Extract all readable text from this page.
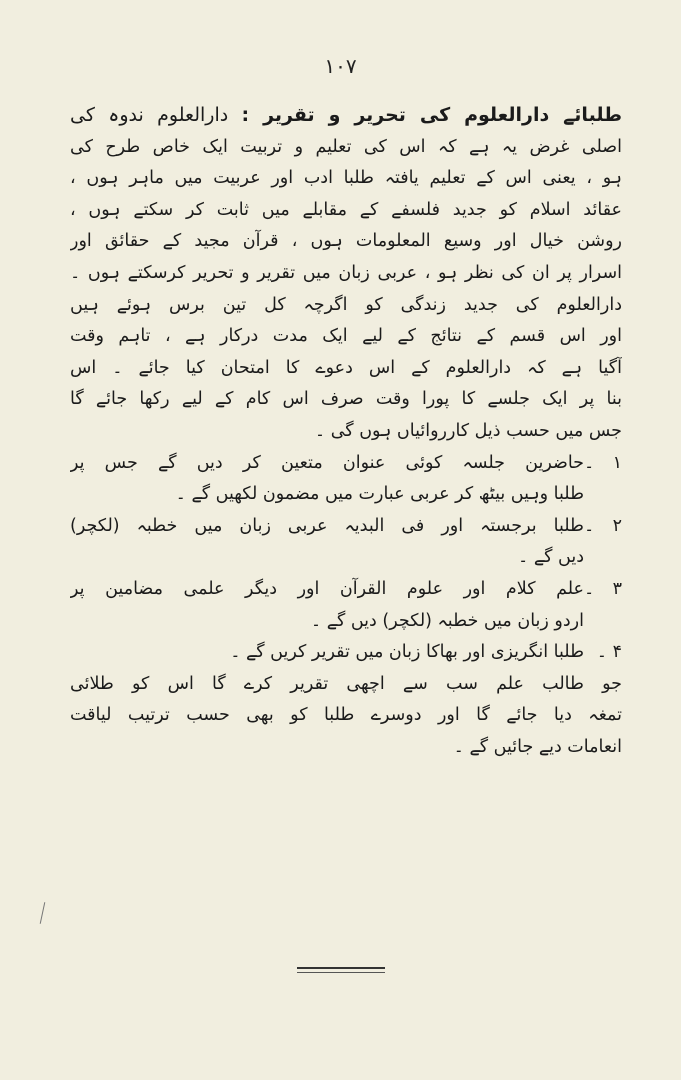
۱۰۷
طلبائے دارالعلوم کی تحریر و تقریر : دارالعلوم ندوہ کی
اصلی غرض یہ ہے کہ اس کی تعلیم و تربیت ایک خاص طرح کی
ہو ، یعنی اس کے تعلیم یافتہ طلبا ادب اور عربیت میں ماہر ہوں ،
عقائد اسلام کو جدید فلسفے کے مقابلے میں ثابت کر سکتے ہوں ،
روشن خیال اور وسیع المعلومات ہوں ، قرآن مجید کے حقائق اور
اسرار پر ان کی نظر ہو ، عربی زبان میں تقریر و تحریر کرسکتے ہوں ۔
دارالعلوم کی جدید زندگی کو اگرچہ کل تین برس ہوئے ہیں
اور اس قسم کے نتائج کے لیے ایک مدت درکار ہے ، تاہم وقت
آگیا ہے کہ دارالعلوم کے اس دعوے کا امتحان کیا جائے ۔ اس
بنا پر ایک جلسے کا پورا وقت صرف اس کام کے لیے رکھا جائے گا
جس میں حسب ذیل کارروائیاں ہوں گی ۔
۱ ۔حاضرین جلسہ کوئی عنوان متعین کر دیں گے جس پر
طلبا وہیں بیٹھ کر عربی عبارت میں مضمون لکھیں گے ۔
۲ ۔طلبا برجستہ اور فی البدیہ عربی زبان میں خطبہ (لکچر)
دیں گے ۔
۳ ۔علم کلام اور علوم القرآن اور دیگر علمی مضامین پر
اردو زبان میں خطبہ (لکچر) دیں گے ۔
۴ ۔طلبا انگریزی اور بھاکا زبان میں تقریر کریں گے ۔
جو طالب علم سب سے اچھی تقریر کرے گا اس کو طلائی
تمغہ دیا جائے گا اور دوسرے طلبا کو بھی حسب ترتیب لیاقت
انعامات دیے جائیں گے ۔
